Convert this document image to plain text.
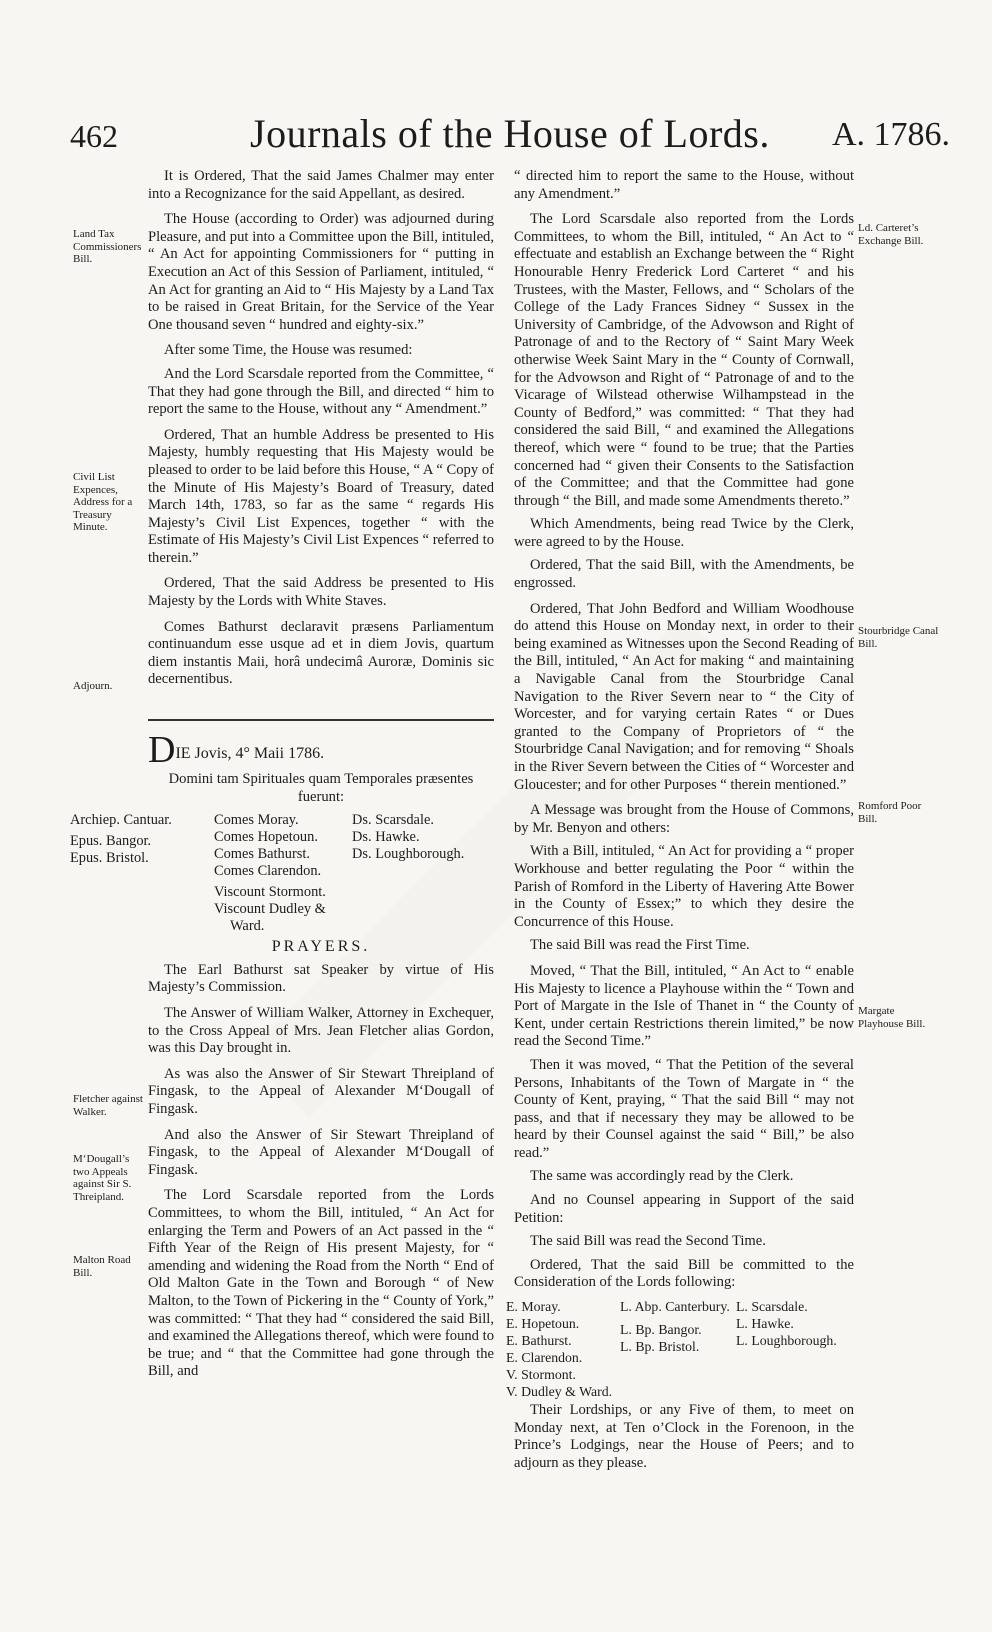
462	Journals of the House of Lords. A. 1786.
Land Tax Commissioners Bill.
Civil List Expences, Address for a Treasury Minute.
Adjourn.
Fletcher against Walker.
M‘Dougall’s two Appeals against Sir S. Threipland.
Malton Road Bill.
Ld. Carteret’s Exchange Bill.
Stourbridge Canal Bill.
Romford Poor Bill.
Margate Playhouse Bill.

It is Ordered, That the said James Chalmer may enter into a Recognizance for the said Appellant, as desired.

The House (according to Order) was adjourned during Pleasure, and put into a Committee upon the Bill, intituled, “ An Act for appointing Commissioners for “ putting in Execution an Act of this Session of Parliament, intituled, “ An Act for granting an Aid to “ His Majesty by a Land Tax to be raised in Great Britain, for the Service of the Year One thousand seven “ hundred and eighty-six.”

After some Time, the House was resumed:

And the Lord Scarsdale reported from the Committee, “ That they had gone through the Bill, and directed “ him to report the same to the House, without any “ Amendment.”

Ordered, That an humble Address be presented to His Majesty, humbly requesting that His Majesty would be pleased to order to be laid before this House, “ A “ Copy of the Minute of His Majesty’s Board of Treasury, dated March 14th, 1783, so far as the same “ regards His Majesty’s Civil List Expences, together “ with the Estimate of His Majesty’s Civil List Expences “ referred to therein.”

Ordered, That the said Address be presented to His Majesty by the Lords with White Staves.

Comes Bathurst declaravit præsens Parliamentum continuandum esse usque ad et in diem Jovis, quartum diem instantis Maii, horâ undecimâ Auroræ, Dominis sic decernentibus.

DIE Jovis, 4° Maii 1786.

Domini tam Spirituales quam Temporales præsentes fuerunt:

Archiep. Cantuar.
Epus. Bangor.
Epus. Bristol.
Comes Moray.
Comes Hopetoun.
Comes Bathurst.
Comes Clarendon.
Viscount Stormont.
Viscount Dudley &
Ward.
Ds. Scarsdale.
Ds. Hawke.
Ds. Loughborough.

PRAYERS.

The Earl Bathurst sat Speaker by virtue of His Majesty’s Commission.

The Answer of William Walker, Attorney in Exchequer, to the Cross Appeal of Mrs. Jean Fletcher alias Gordon, was this Day brought in.

As was also the Answer of Sir Stewart Threipland of Fingask, to the Appeal of Alexander M‘Dougall of Fingask.

And also the Answer of Sir Stewart Threipland of Fingask, to the Appeal of Alexander M‘Dougall of Fingask.

The Lord Scarsdale reported from the Lords Committees, to whom the Bill, intituled, “ An Act for enlarging the Term and Powers of an Act passed in the “ Fifth Year of the Reign of His present Majesty, for “ amending and widening the Road from the North “ End of Old Malton Gate in the Town and Borough “ of New Malton, to the Town of Pickering in the “ County of York,” was committed: “ That they had “ considered the said Bill, and examined the Allegations thereof, which were found to be true; and “ that the Committee had gone through the Bill, and

“ directed him to report the same to the House, without any Amendment.”

The Lord Scarsdale also reported from the Lords Committees, to whom the Bill, intituled, “ An Act to “ effectuate and establish an Exchange between the “ Right Honourable Henry Frederick Lord Carteret “ and his Trustees, with the Master, Fellows, and “ Scholars of the College of the Lady Frances Sidney “ Sussex in the University of Cambridge, of the Advowson and Right of Patronage of and to the Rectory of “ Saint Mary Week otherwise Week Saint Mary in the “ County of Cornwall, for the Advowson and Right of “ Patronage of and to the Vicarage of Wilstead otherwise Wilhampstead in the County of Bedford,” was committed: “ That they had considered the said Bill, “ and examined the Allegations thereof, which were “ found to be true; that the Parties concerned had “ given their Consents to the Satisfaction of the Committee; and that the Committee had gone through “ the Bill, and made some Amendments thereto.”

Which Amendments, being read Twice by the Clerk, were agreed to by the House.

Ordered, That the said Bill, with the Amendments, be engrossed.

Ordered, That John Bedford and William Woodhouse do attend this House on Monday next, in order to their being examined as Witnesses upon the Second Reading of the Bill, intituled, “ An Act for making “ and maintaining a Navigable Canal from the Stourbridge Canal Navigation to the River Severn near to “ the City of Worcester, and for varying certain Rates “ or Dues granted to the Company of Proprietors of “ the Stourbridge Canal Navigation; and for removing “ Shoals in the River Severn between the Cities of “ Worcester and Gloucester; and for other Purposes “ therein mentioned.”

A Message was brought from the House of Commons, by Mr. Benyon and others:

With a Bill, intituled, “ An Act for providing a “ proper Workhouse and better regulating the Poor “ within the Parish of Romford in the Liberty of Havering Atte Bower in the County of Essex;” to which they desire the Concurrence of this House.

The said Bill was read the First Time.

Moved, “ That the Bill, intituled, “ An Act to “ enable His Majesty to licence a Playhouse within the “ Town and Port of Margate in the Isle of Thanet in “ the County of Kent, under certain Restrictions therein limited,” be now read the Second Time.”

Then it was moved, “ That the Petition of the several Persons, Inhabitants of the Town of Margate in “ the County of Kent, praying, “ That the said Bill “ may not pass, and that if necessary they may be allowed to be heard by their Counsel against the said “ Bill,” be also read.”

The same was accordingly read by the Clerk.

And no Counsel appearing in Support of the said Petition:

The said Bill was read the Second Time.

Ordered, That the said Bill be committed to the Consideration of the Lords following:

E. Moray.
E. Hopetoun.
E. Bathurst.
E. Clarendon.
V. Stormont.
V. Dudley & Ward.
L. Abp. Canterbury.
L. Bp. Bangor.
L. Bp. Bristol.
L. Scarsdale.
L. Hawke.
L. Loughborough.

Their Lordships, or any Five of them, to meet on Monday next, at Ten o’Clock in the Forenoon, in the Prince’s Lodgings, near the House of Peers; and to adjourn as they please.
